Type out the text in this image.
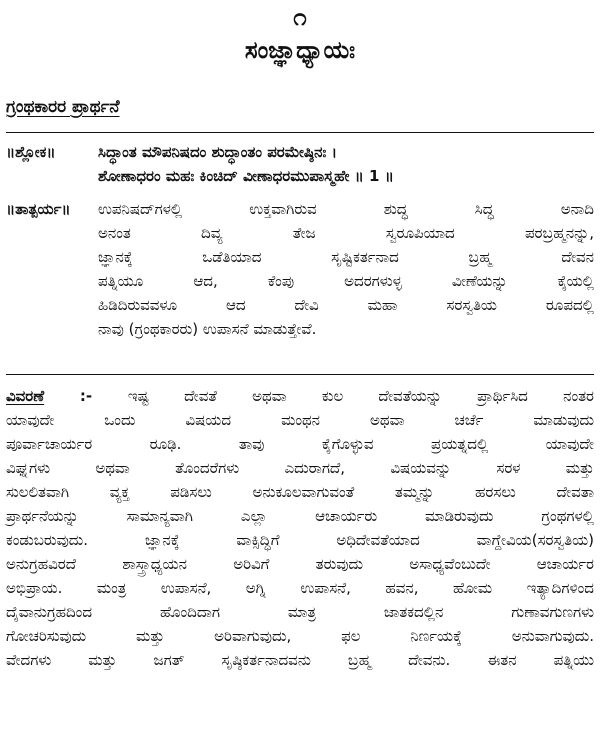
೧
ಸಂಜ್ಞಾಧ್ಯಾಯಃ
ಗ್ರಂಥಕಾರರ ಪ್ರಾರ್ಥನೆ
॥ಶ್ಲೋಕ॥	ಸಿದ್ಧಾಂತ ಮೌಪನಿಷದಂ ಶುದ್ಧಾಂತಂ ಪರಮೇಷ್ಠಿನಃ ।
ಶೋಣಾಧರಂ ಮಹಃ ಕಿಂಚಿದ್ ವೀಣಾಧರಮುಪಾಸ್ಮಹೇ ॥ 1 ॥
॥ತಾತ್ಪರ್ಯ॥ ಉಪನಿಷದ್‌ಗಳಲ್ಲಿ ಉಕ್ತವಾಗಿರುವ ಶುದ್ಧ ಸಿದ್ಧ ಅನಾದಿ
ಅನಂತ ದಿವ್ಯ ತೇಜ ಸ್ವರೂಪಿಯಾದ ಪರಬ್ರಹ್ಮನನ್ನು,
ಜ್ಞಾನಕ್ಕೆ ಒಡೆತಿಯಾದ ಸೃಷ್ಟಿಕರ್ತನಾದ ಬ್ರಹ್ಮ ದೇವನ
ಪತ್ನಿಯೂ ಆದ, ಕೆಂಪು ಅದರಗಳುಳ್ಳ ವೀಣೆಯನ್ನು ಕೈಯಲ್ಲಿ
ಹಿಡಿದಿರುವವಳೂ ಆದ ದೇವಿ ಮಹಾ ಸರಸ್ವತಿಯ ರೂಪದಲ್ಲಿ
ನಾವು (ಗ್ರಂಥಕಾರರು) ಉಪಾಸನೆ ಮಾಡುತ್ತೇವೆ.
ವಿವರಣೆ :- ಇಷ್ಟ ದೇವತೆ ಅಥವಾ ಕುಲ ದೇವತೆಯನ್ನು ಪ್ರಾರ್ಥಿಸಿದ ನಂತರ
ಯಾವುದೇ ಒಂದು ವಿಷಯದ ಮಂಥನ ಅಥವಾ ಚರ್ಚೆ ಮಾಡುವುದು
ಪೂರ್ವಾಚಾರ್ಯರ ರೂಢಿ. ತಾವು ಕೈಗೊಳ್ಳುವ ಪ್ರಯತ್ನದಲ್ಲಿ ಯಾವುದೇ
ವಿಘ್ನಗಳು ಅಥವಾ ತೊಂದರೆಗಳು ಎದುರಾಗದೆ, ವಿಷಯವನ್ನು ಸರಳ ಮತ್ತು
ಸುಲಲಿತವಾಗಿ ವ್ಯಕ್ತ ಪಡಿಸಲು ಅನುಕೂಲವಾಗುವಂತೆ ತಮ್ಮನ್ನು ಹರಸಲು ದೇವತಾ
ಪ್ರಾರ್ಥನೆಯನ್ನು ಸಾಮಾನ್ಯವಾಗಿ ಎಲ್ಲಾ ಆಚಾರ್ಯರು ಮಾಡಿರುವುದು ಗ್ರಂಥಗಳಲ್ಲಿ
ಕಂಡುಬರುವುದು. ಜ್ಞಾನಕ್ಕೆ ವಾಕ್ಸಿದ್ಧಿಗೆ ಅಧಿದೇವತೆಯಾದ ವಾಗ್ದೇವಿಯ(ಸರಸ್ವತಿಯ)
ಅನುಗ್ರಹವಿರದೆ ಶಾಸ್ತ್ರಾಧ್ಯಯನ ಅರಿವಿಗೆ ತರುವುದು ಅಸಾಧ್ಯವೆಂಬುದೇ ಆಚಾರ್ಯರ
ಅಭಿಪ್ರಾಯ. ಮಂತ್ರ ಉಪಾಸನೆ, ಅಗ್ನಿ ಉಪಾಸನೆ, ಹವನ, ಹೋಮ ಇತ್ಯಾದಿಗಳಿಂದ
ದೈವಾನುಗ್ರಹದಿಂದ ಹೊಂದಿದಾಗ ಮಾತ್ರ ಜಾತಕದಲ್ಲಿನ ಗುಣಾವಗುಣಗಳು
ಗೋಚರಿಸುವುದು ಮತ್ತು ಅರಿವಾಗುವುದು, ಫಲ ನಿರ್ಣಯಕ್ಕೆ ಅನುವಾಗುವುದು.
ವೇದಗಳು ಮತ್ತು ಜಗತ್ ಸೃಷ್ಠಿಕರ್ತನಾದವನು ಬ್ರಹ್ಮ ದೇವನು. ಈತನ ಪತ್ನಿಯು
